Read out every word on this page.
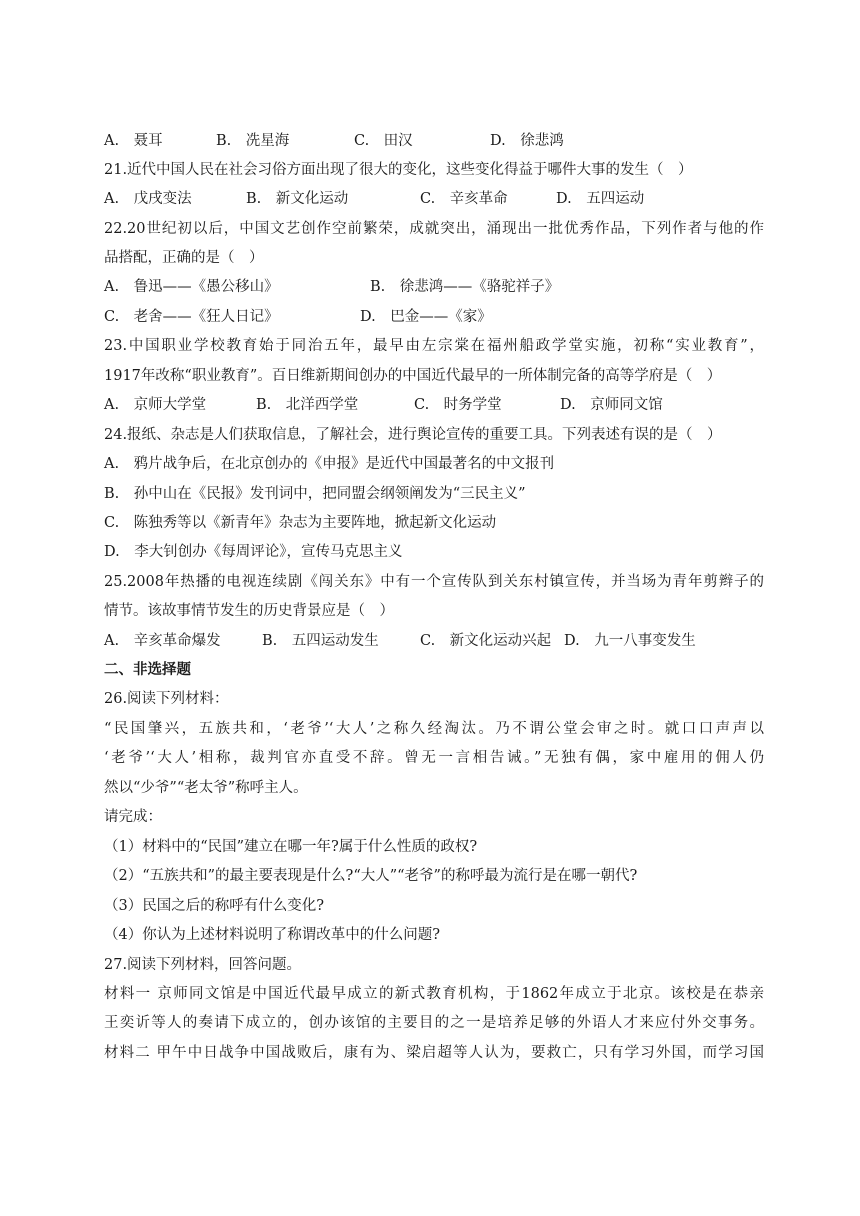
A.　聂耳	B.　冼星海	C.　田汉	D.　徐悲鸿
21.近代中国人民在社会习俗方面出现了很大的变化，这些变化得益于哪件大事的发生（　）
A.　戊戌变法	B.　新文化运动	C.　辛亥革命	D.　五四运动
22.20世纪初以后，中国文艺创作空前繁荣，成就突出，涌现出一批优秀作品，下列作者与他的作
品搭配，正确的是（　）
A.　鲁迅——《愚公移山》	B.　徐悲鸿——《骆驼祥子》
C.　老舍——《狂人日记》	D.　巴金——《家》
23.中国职业学校教育始于同治五年，最早由左宗棠在福州船政学堂实施，初称“实业教育”，
1917年改称“职业教育”。百日维新期间创办的中国近代最早的一所体制完备的高等学府是（　）
A.　京师大学堂	B.　北洋西学堂	C.　时务学堂	D.　京师同文馆
24.报纸、杂志是人们获取信息，了解社会，进行舆论宣传的重要工具。下列表述有误的是（　）
A.　鸦片战争后，在北京创办的《申报》是近代中国最著名的中文报刊
B.　孙中山在《民报》发刊词中，把同盟会纲领阐发为“三民主义”
C.　陈独秀等以《新青年》杂志为主要阵地，掀起新文化运动
D.　李大钊创办《每周评论》，宣传马克思主义
25.2008年热播的电视连续剧《闯关东》中有一个宣传队到关东村镇宣传，并当场为青年剪辫子的
情节。该故事情节发生的历史背景应是（　）
A.　辛亥革命爆发	B.　五四运动发生	C.　新文化运动兴起 D.　九一八事变发生
二、非选择题
26.阅读下列材料：
“民国肇兴，五族共和，‘老爷’‘大人’之称久经淘汰。乃不谓公堂会审之时。就口口声声以
‘老爷’‘大人’相称，裁判官亦直受不辞。曾无一言相告诫。”无独有偶，家中雇用的佣人仍
然以“少爷”“老太爷”称呼主人。
请完成：
（1）材料中的“民国”建立在哪一年?属于什么性质的政权?
（2）“五族共和”的最主要表现是什么?“大人”“老爷”的称呼最为流行是在哪一朝代?
（3）民国之后的称呼有什么变化?
（4）你认为上述材料说明了称谓改革中的什么问题?
27.阅读下列材料，回答问题。
材料一 京师同文馆是中国近代最早成立的新式教育机构，于1862年成立于北京。该校是在恭亲
王奕䜣等人的奏请下成立的，创办该馆的主要目的之一是培养足够的外语人才来应付外交事务。
材料二 甲午中日战争中国战败后，康有为、梁启超等人认为，要救亡，只有学习外国，而学习国
